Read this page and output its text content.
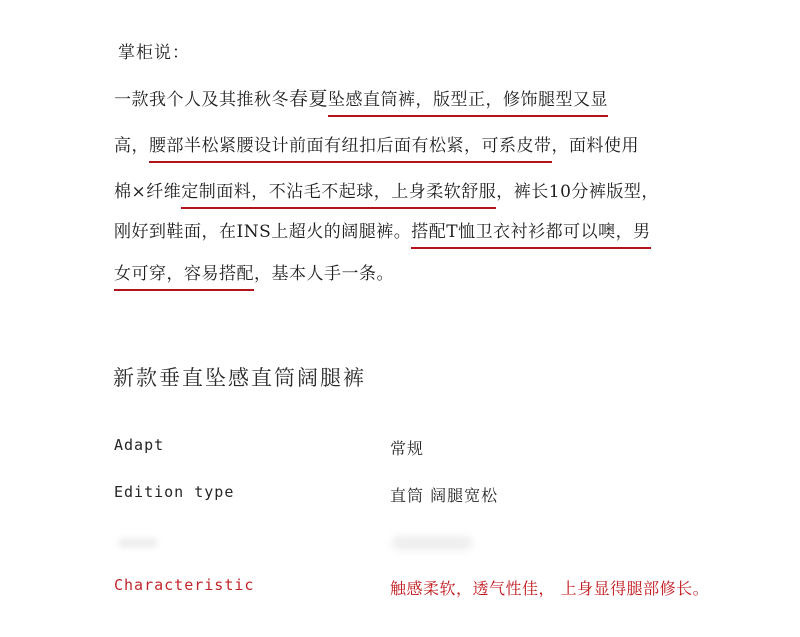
掌柜说：
一款我个人及其推秋冬春夏坠感直筒裤，版型正，修饰腿型又显
高，腰部半松紧腰设计前面有纽扣后面有松紧，可系皮带，面料使用
棉×纤维定制面料，不沾毛不起球，上身柔软舒服，裤长10分裤版型，
刚好到鞋面，在INS上超火的阔腿裤。搭配T恤卫衣衬衫都可以噢，男
女可穿，容易搭配，基本人手一条。
新款垂直坠感直筒阔腿裤
Adapt	常规
Edition type	直筒 阔腿宽松
Characteristic	触感柔软，透气性佳， 上身显得腿部修长。
